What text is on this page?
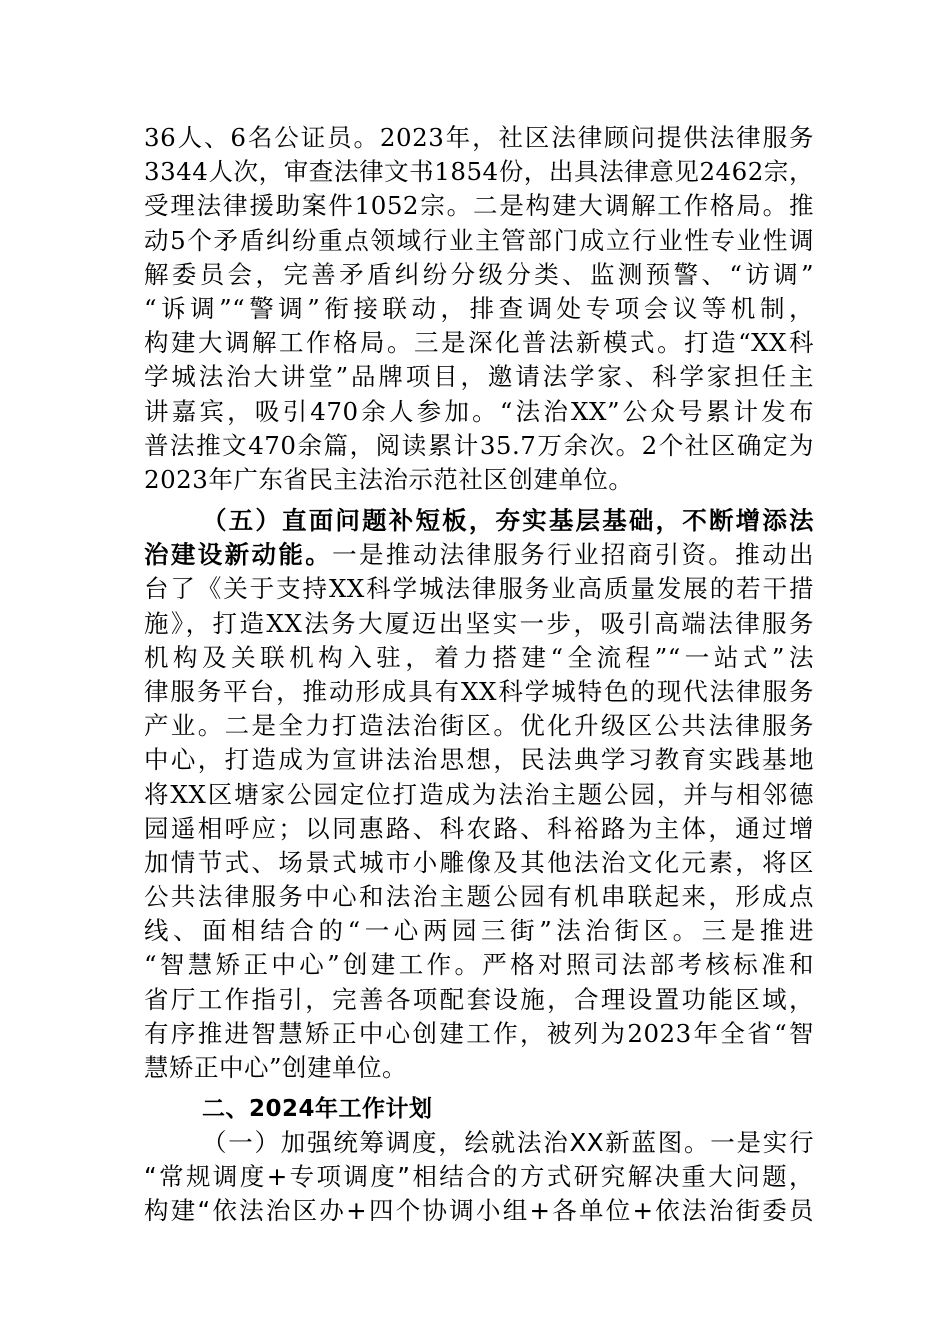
36人、6名公证员。2023年，社区法律顾问提供法律服务
3344人次，审查法律文书1854份，出具法律意见2462宗，
受理法律援助案件1052宗。二是构建大调解工作格局。推
动5个矛盾纠纷重点领域行业主管部门成立行业性专业性调
解委员会，完善矛盾纠纷分级分类、监测预警、“访调”
“诉调”“警调”衔接联动，排查调处专项会议等机制，
构建大调解工作格局。三是深化普法新模式。打造“XX科
学城法治大讲堂”品牌项目，邀请法学家、科学家担任主
讲嘉宾，吸引470余人参加。“法治XX”公众号累计发布
普法推文470余篇，阅读累计35.7万余次。2个社区确定为
2023年广东省民主法治示范社区创建单位。
（五）直面问题补短板，夯实基层基础，不断增添法
治建设新动能。一是推动法律服务行业招商引资。推动出
台了《关于支持XX科学城法律服务业高质量发展的若干措
施》，打造XX法务大厦迈出坚实一步，吸引高端法律服务
机构及关联机构入驻，着力搭建“全流程”“一站式”法
律服务平台，推动形成具有XX科学城特色的现代法律服务
产业。二是全力打造法治街区。优化升级区公共法律服务
中心，打造成为宣讲法治思想，民法典学习教育实践基地
将XX区塘家公园定位打造成为法治主题公园，并与相邻德
园遥相呼应；以同惠路、科农路、科裕路为主体，通过增
加情节式、场景式城市小雕像及其他法治文化元素，将区
公共法律服务中心和法治主题公园有机串联起来，形成点
线、面相结合的“一心两园三街”法治街区。三是推进
“智慧矫正中心”创建工作。严格对照司法部考核标准和
省厅工作指引，完善各项配套设施，合理设置功能区域，
有序推进智慧矫正中心创建工作，被列为2023年全省“智
慧矫正中心”创建单位。
二、2024年工作计划
（一）加强统筹调度，绘就法治XX新蓝图。一是实行
“常规调度+专项调度”相结合的方式研究解决重大问题，
构建“依法治区办+四个协调小组+各单位+依法治街委员
